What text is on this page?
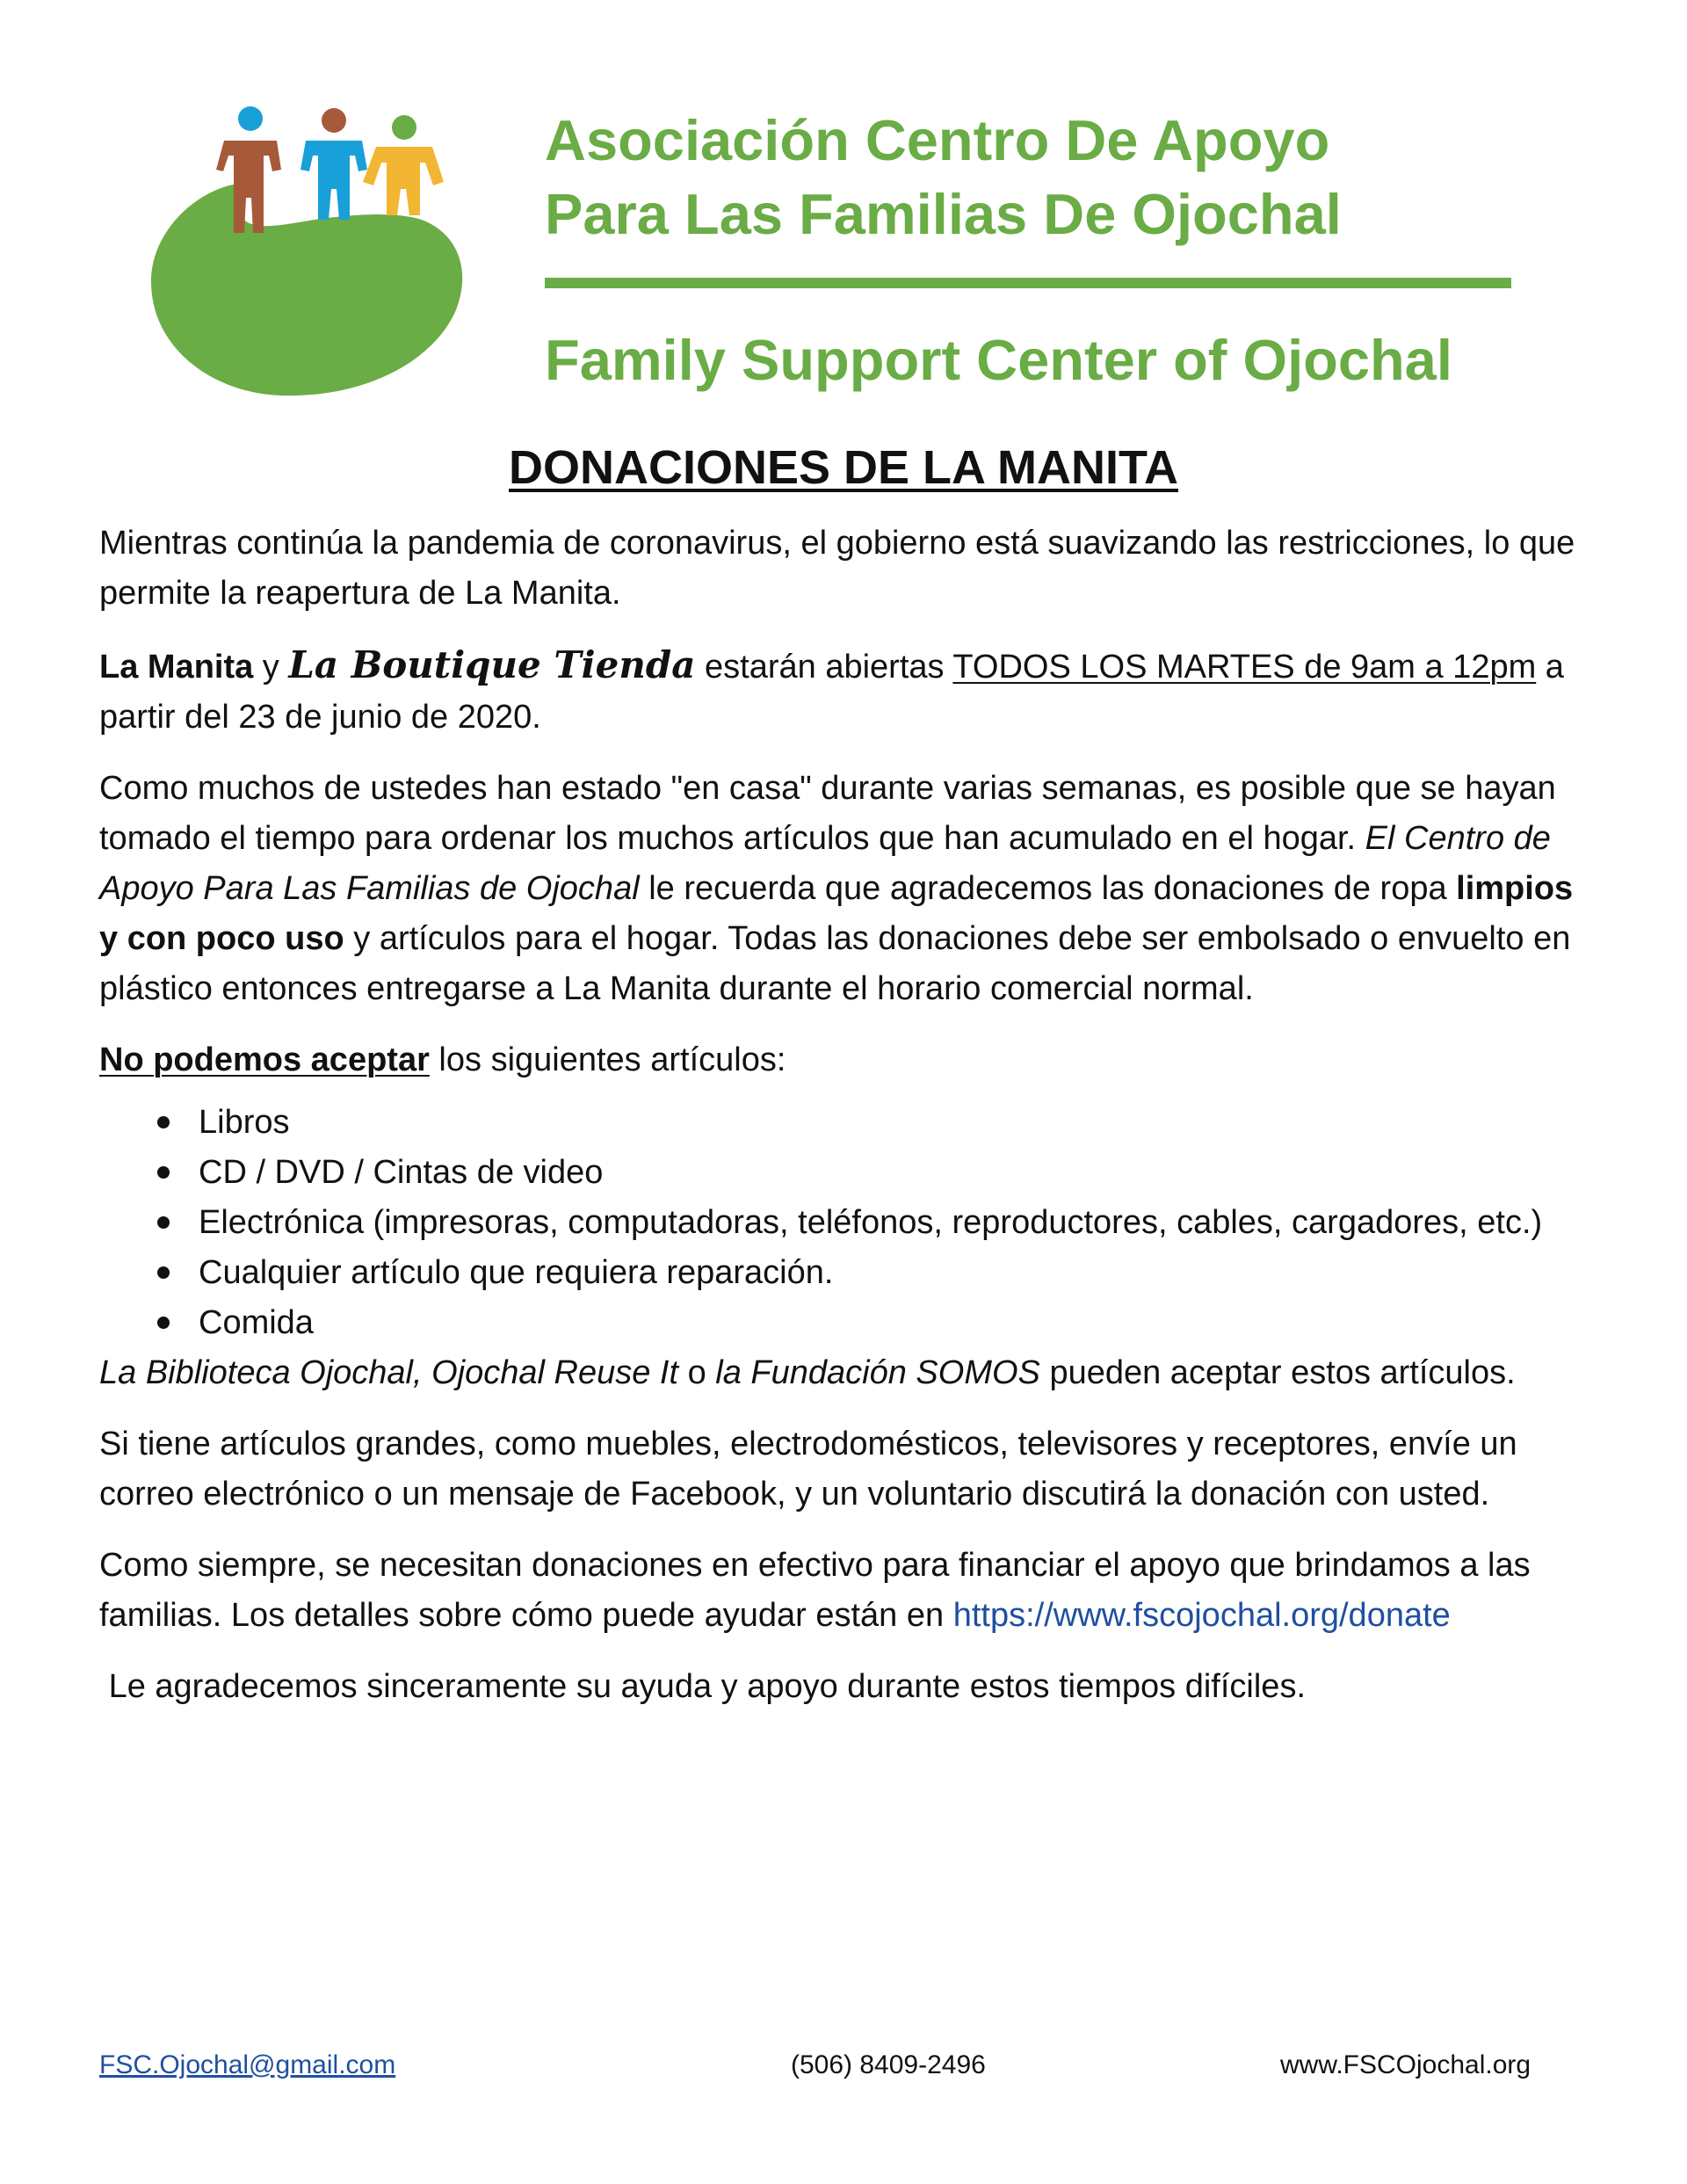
Asociación Centro De Apoyo
Para Las Familias De Ojochal
Family Support Center of Ojochal
DONACIONES DE LA MANITA

Mientras continúa la pandemia de coronavirus, el gobierno está suavizando las restricciones, lo que permite la reapertura de La Manita.

La Manita y La Boutique Tienda estarán abiertas TODOS LOS MARTES de 9am a 12pm a partir del 23 de junio de 2020.

Como muchos de ustedes han estado "en casa" durante varias semanas, es posible que se hayan tomado el tiempo para ordenar los muchos artículos que han acumulado en el hogar. El Centro de Apoyo Para Las Familias de Ojochal le recuerda que agradecemos las donaciones de ropa limpios y con poco uso y artículos para el hogar. Todas las donaciones debe ser embolsado o envuelto en plástico entonces entregarse a La Manita durante el horario comercial normal.

No podemos aceptar los siguientes artículos:

Libros
CD / DVD / Cintas de video
Electrónica (impresoras, computadoras, teléfonos, reproductores, cables, cargadores, etc.)
Cualquier artículo que requiera reparación.
Comida

La Biblioteca Ojochal, Ojochal Reuse It o la Fundación SOMOS pueden aceptar estos artículos.

Si tiene artículos grandes, como muebles, electrodomésticos, televisores y receptores, envíe un correo electrónico o un mensaje de Facebook, y un voluntario discutirá la donación con usted.

Como siempre, se necesitan donaciones en efectivo para financiar el apoyo que brindamos a las familias. Los detalles sobre cómo puede ayudar están en https://www.fscojochal.org/donate

Le agradecemos sinceramente su ayuda y apoyo durante estos tiempos difíciles.

FSC.Ojochal@gmail.com	(506) 8409-2496	www.FSCOjochal.org
